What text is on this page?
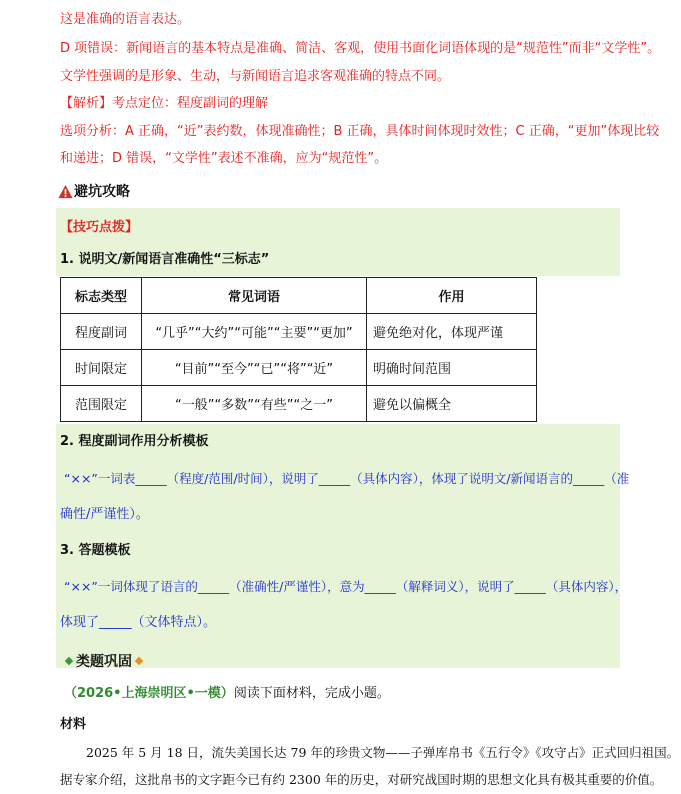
这是准确的语言表达。
D 项错误：新闻语言的基本特点是准确、简洁、客观，使用书面化词语体现的是“规范性”而非“文学性”。
文学性强调的是形象、生动，与新闻语言追求客观准确的特点不同。
【解析】考点定位：程度副词的理解
选项分析：A 正确，“近”表约数，体现准确性；B 正确，具体时间体现时效性；C 正确，“更加”体现比较
和递进；D 错误，“文学性”表述不准确，应为“规范性”。
避坑攻略
【技巧点拨】
1. 说明文/新闻语言准确性“三标志”
标志类型	常见词语	作用
程度副词	“几乎”“大约”“可能”“主要”“更加”	避免绝对化，体现严谨
时间限定	“目前”“至今”“已”“将”“近”	明确时间范围
范围限定	“一般”“多数”“有些”“之一”	避免以偏概全
2. 程度副词作用分析模板
“××”一词表_____（程度/范围/时间），说明了_____（具体内容），体现了说明文/新闻语言的_____（准
确性/严谨性）。
3. 答题模板
“××”一词体现了语言的_____（准确性/严谨性），意为_____（解释词义），说明了_____（具体内容），
体现了_____（文体特点）。
类题巩固
（2026•上海崇明区•一模）阅读下面材料，完成小题。
材料
2025 年 5 月 18 日，流失美国长达 79 年的珍贵文物——子弹库帛书《五行令》《攻守占》正式回归祖国。
据专家介绍，这批帛书的文字距今已有约 2300 年的历史，对研究战国时期的思想文化具有极其重要的价值。
